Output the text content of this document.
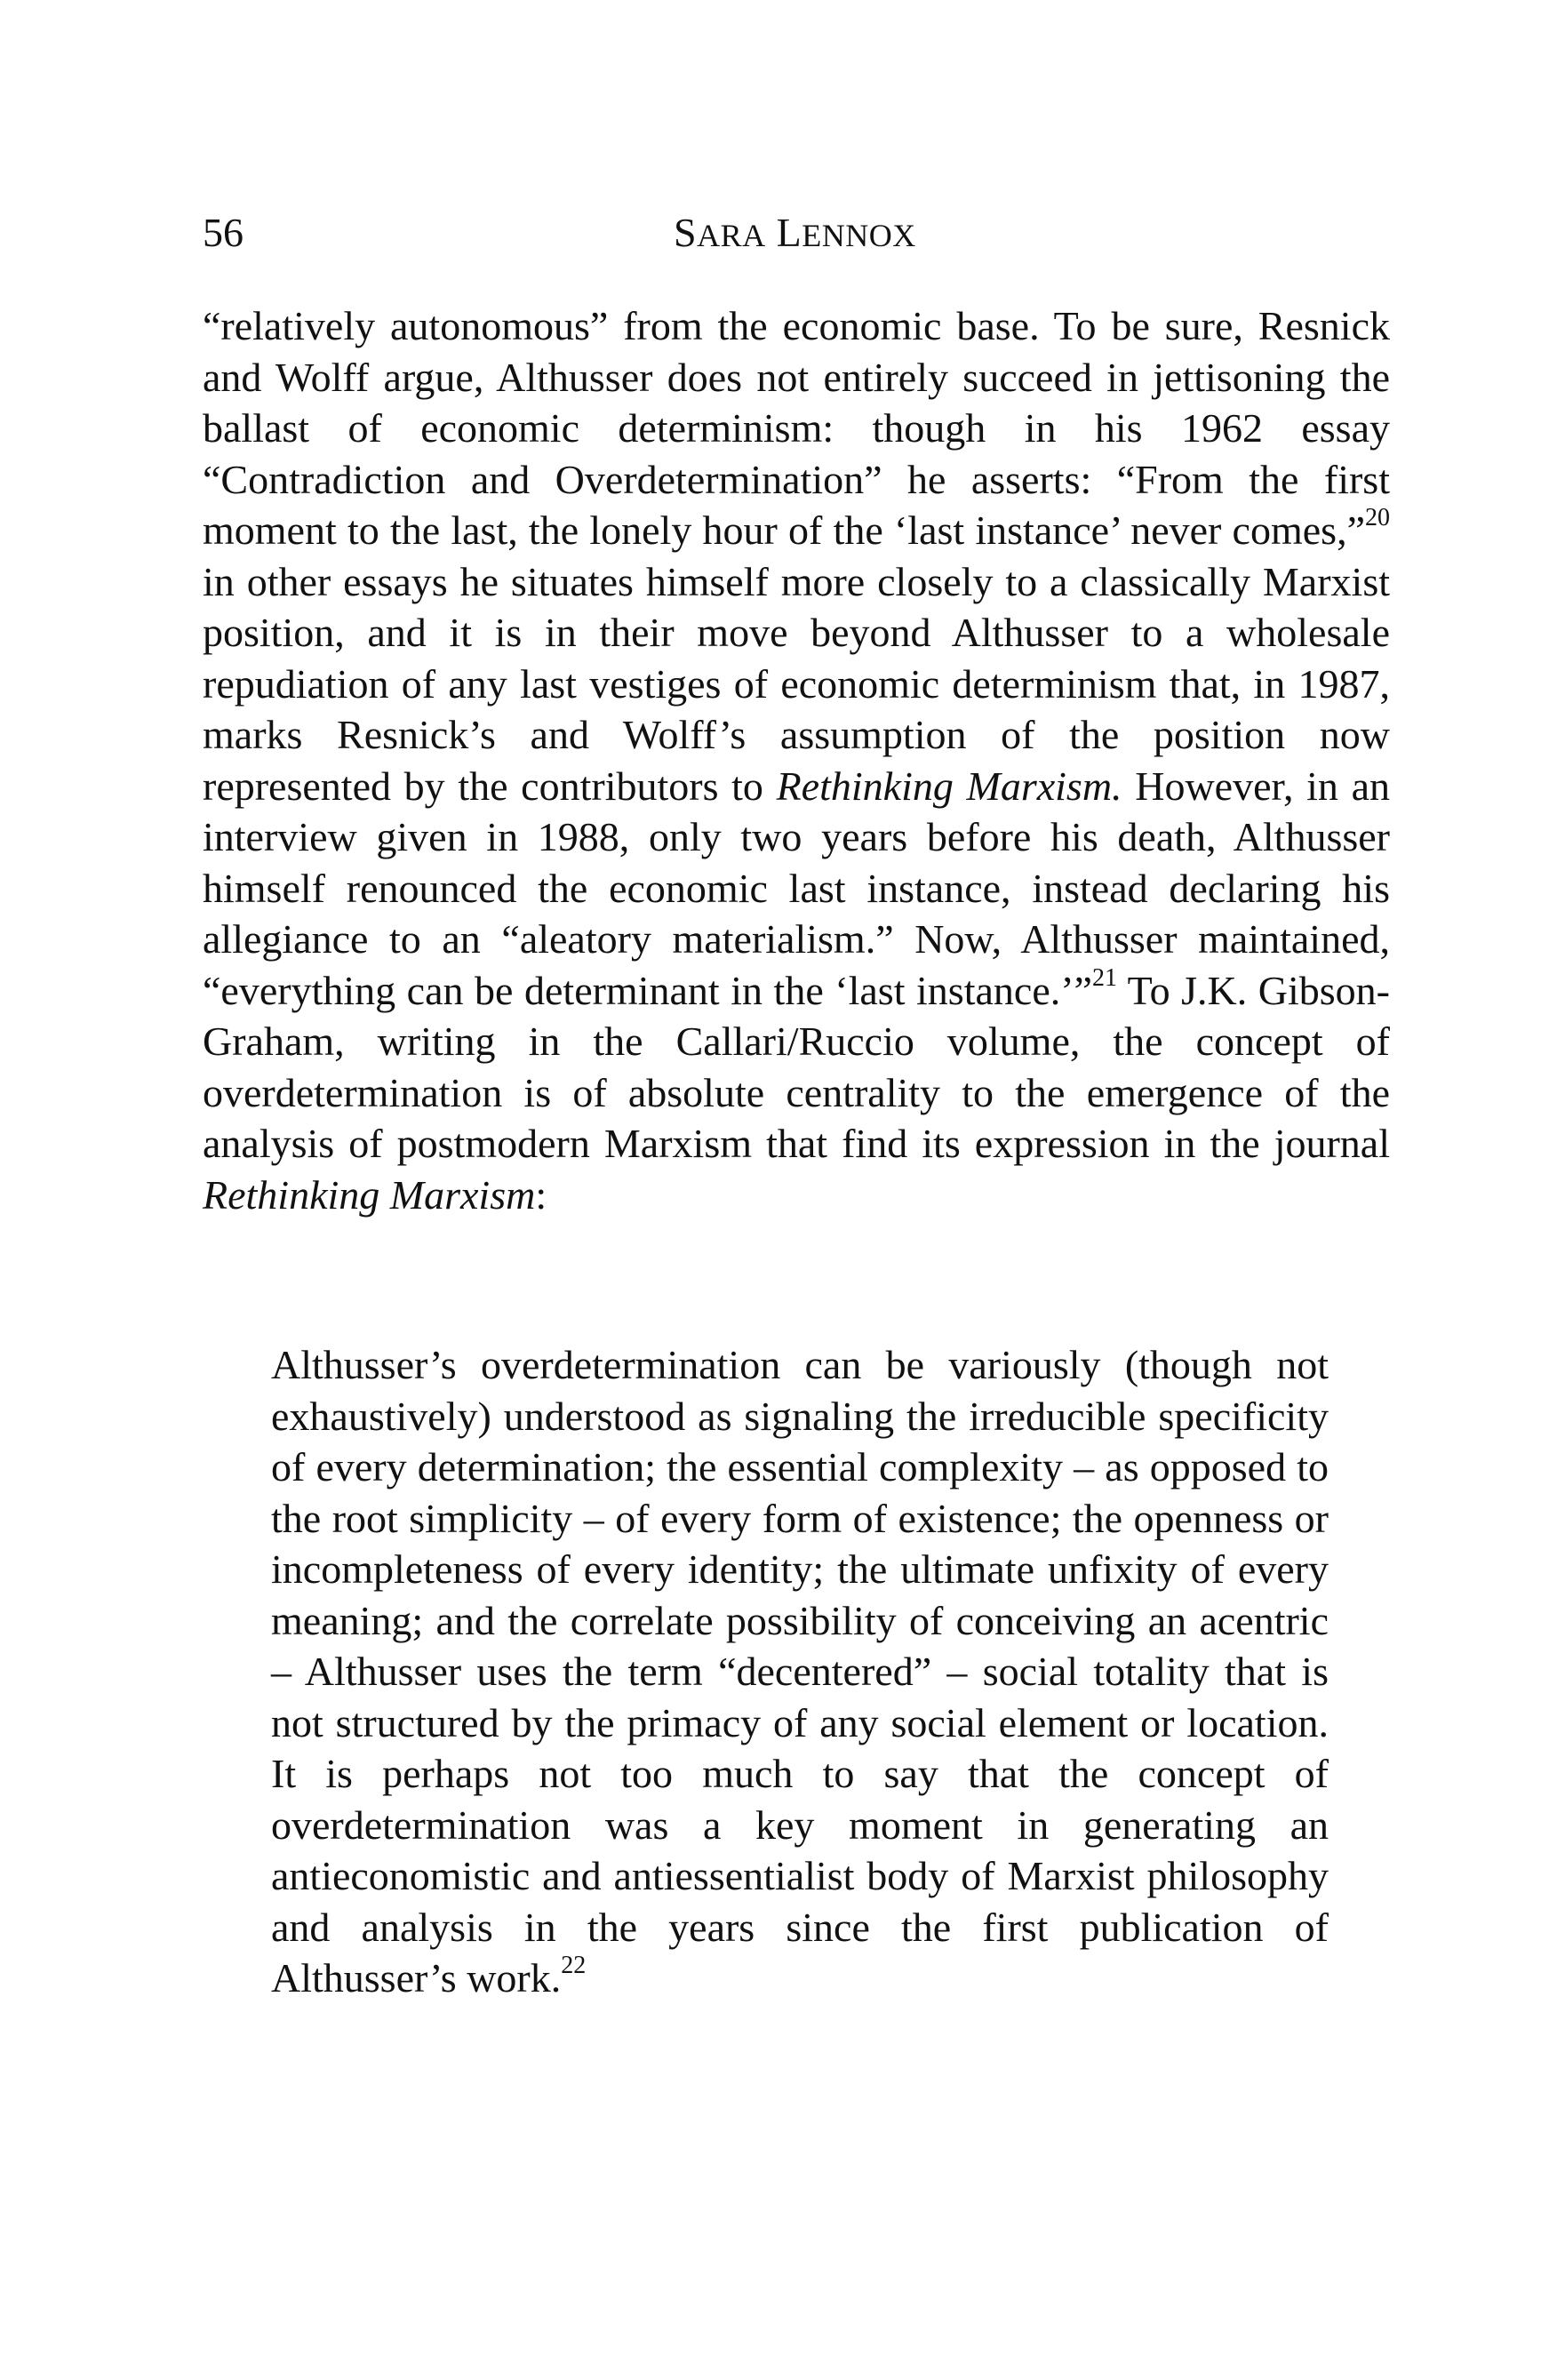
56	SARA LENNOX

“relatively autonomous” from the economic base. To be sure, Resnick and Wolff argue, Althusser does not entirely succeed in jettisoning the ballast of economic determinism: though in his 1962 essay “Contradiction and Overdetermination” he asserts: “From the first moment to the last, the lonely hour of the ‘last instance’ never comes,”$^{20}$ in other essays he situates himself more closely to a classically Marxist position, and it is in their move beyond Althusser to a wholesale repudiation of any last vestiges of economic determinism that, in 1987, marks Resnick’s and Wolff’s assumption of the position now represented by the contributors to Rethinking Marxism. However, in an interview given in 1988, only two years before his death, Althusser himself renounced the economic last instance, instead declaring his allegiance to an “aleatory materialism.” Now, Althusser maintained, “everything can be determinant in the ‘last instance.’”$^{21}$ To J.K. Gibson-Graham, writing in the Callari/Ruccio volume, the concept of overdetermination is of absolute centrality to the emergence of the analysis of postmodern Marxism that find its expression in the journal Rethinking Marxism:

Althusser’s overdetermination can be variously (though not exhaustively) understood as signaling the irreducible specificity of every determination; the essential complexity – as opposed to the root simplicity – of every form of existence; the openness or incompleteness of every identity; the ultimate unfixity of every meaning; and the correlate possibility of conceiving an acentric – Althusser uses the term “decentered” – social totality that is not structured by the primacy of any social element or location. It is perhaps not too much to say that the concept of overdetermination was a key moment in generating an antieconomistic and antiessentialist body of Marxist philosophy and analysis in the years since the first publication of Althusser’s work.$^{22}$
